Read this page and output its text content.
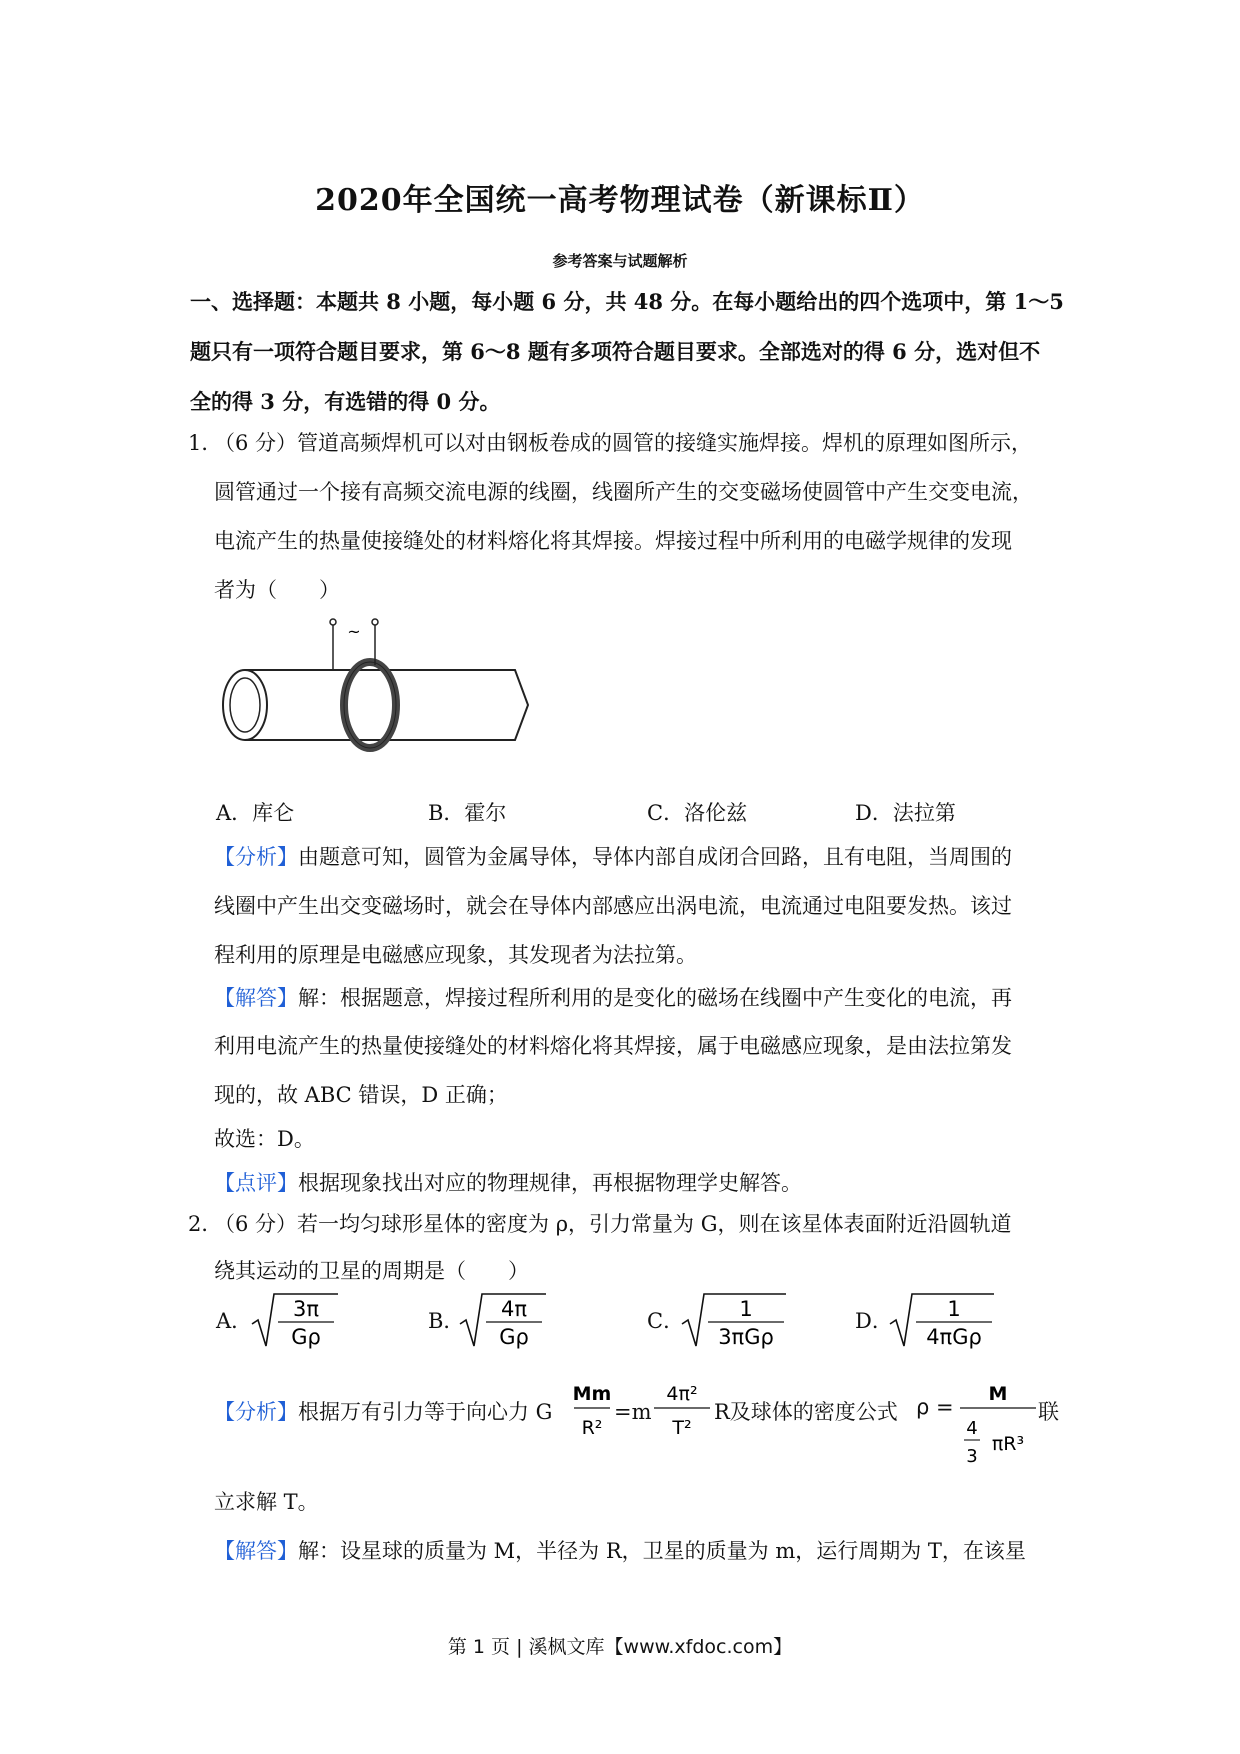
2020年全国统一高考物理试卷（新课标Ⅱ）
参考答案与试题解析
一、选择题：本题共 8 小题，每小题 6 分，共 48 分。在每小题给出的四个选项中，第 1～5
题只有一项符合题目要求，第 6～8 题有多项符合题目要求。全部选对的得 6 分，选对但不
全的得 3 分，有选错的得 0 分。
1．
（6 分）管道高频焊机可以对由钢板卷成的圆管的接缝实施焊接。焊机的原理如图所示，
圆管通过一个接有高频交流电源的线圈，线圈所产生的交变磁场使圆管中产生交变电流，
电流产生的热量使接缝处的材料熔化将其焊接。焊接过程中所利用的电磁学规律的发现
者为（　　）
~
A．库仑	B．霍尔	C．洛伦兹	D．法拉第
【分析】由题意可知，圆管为金属导体，导体内部自成闭合回路，且有电阻，当周围的
线圈中产生出交变磁场时，就会在导体内部感应出涡电流，电流通过电阻要发热。该过
程利用的原理是电磁感应现象，其发现者为法拉第。
【解答】解：根据题意，焊接过程所利用的是变化的磁场在线圈中产生变化的电流，再
利用电流产生的热量使接缝处的材料熔化将其焊接，属于电磁感应现象，是由法拉第发
现的，故 ABC 错误，D 正确；
故选：D。
【点评】根据现象找出对应的物理规律，再根据物理学史解答。
2．
（6 分）若一均匀球形星体的密度为 ρ，引力常量为 G，则在该星体表面附近沿圆轨道
绕其运动的卫星的周期是（　　）
A． 3π
Gρ
B． 4π
Gρ
C．	1
3πGρ
D．	1
4πGρ
【分析】根据万有引力等于向心力 G
Mm
R²
=m
4π²
T²
R及球体的密度公式 ρ =
M
4
3
πR³
联
立求解 T。
【解答】解：设星球的质量为 M，半径为 R，卫星的质量为 m，运行周期为 T，在该星
第 1 页 | 溪枫文库【www.xfdoc.com】
